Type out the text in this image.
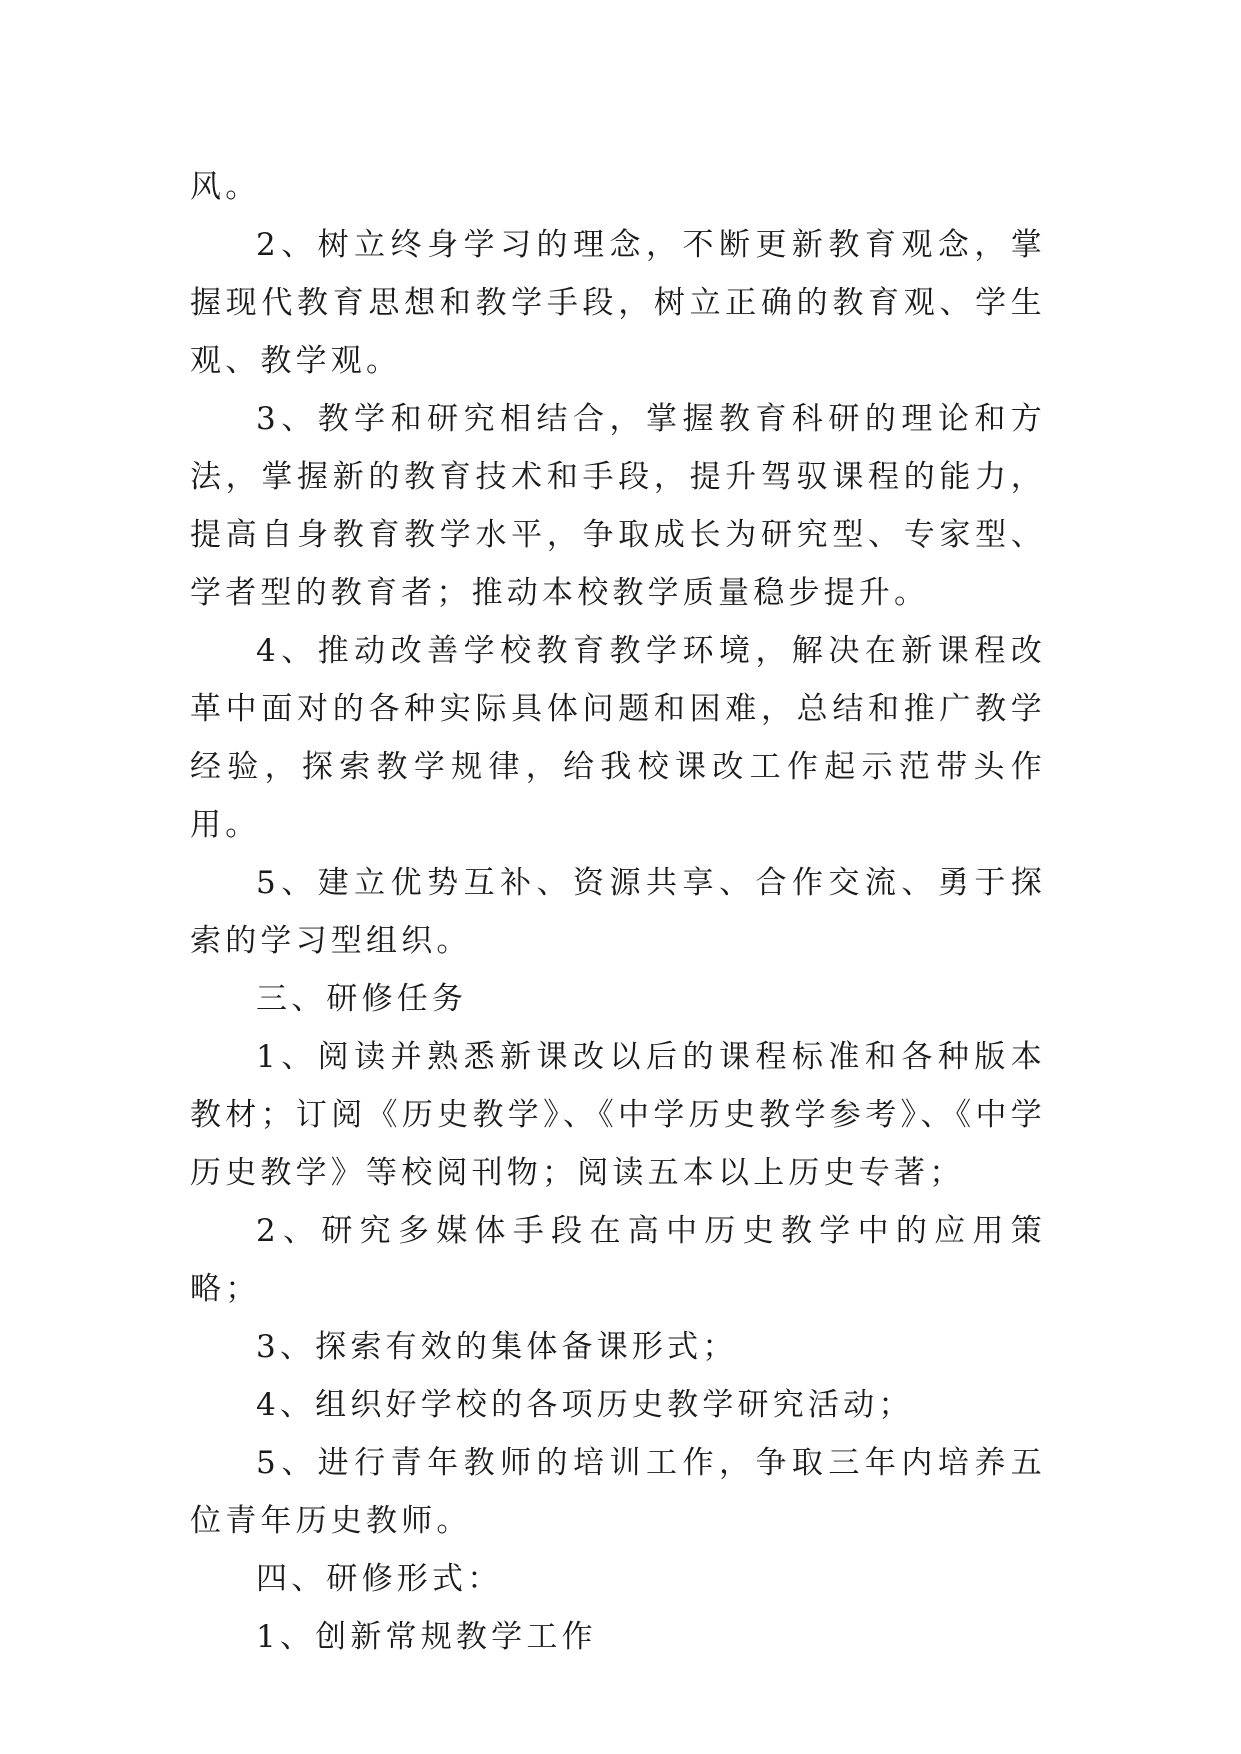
风。

2、树立终身学习的理念，不断更新教育观念，掌握现代教育思想和教学手段，树立正确的教育观、学生观、教学观。

3、教学和研究相结合，掌握教育科研的理论和方法，掌握新的教育技术和手段，提升驾驭课程的能力，提高自身教育教学水平，争取成长为研究型、专家型、学者型的教育者；推动本校教学质量稳步提升。

4、推动改善学校教育教学环境，解决在新课程改革中面对的各种实际具体问题和困难，总结和推广教学经验，探索教学规律，给我校课改工作起示范带头作用。

5、建立优势互补、资源共享、合作交流、勇于探索的学习型组织。

三、研修任务

1、阅读并熟悉新课改以后的课程标准和各种版本教材；订阅《历史教学》、《中学历史教学参考》、《中学历史教学》等校阅刊物；阅读五本以上历史专著；

2、研究多媒体手段在高中历史教学中的应用策略；

3、探索有效的集体备课形式；

4、组织好学校的各项历史教学研究活动；

5、进行青年教师的培训工作，争取三年内培养五位青年历史教师。

四、研修形式：

1、创新常规教学工作
